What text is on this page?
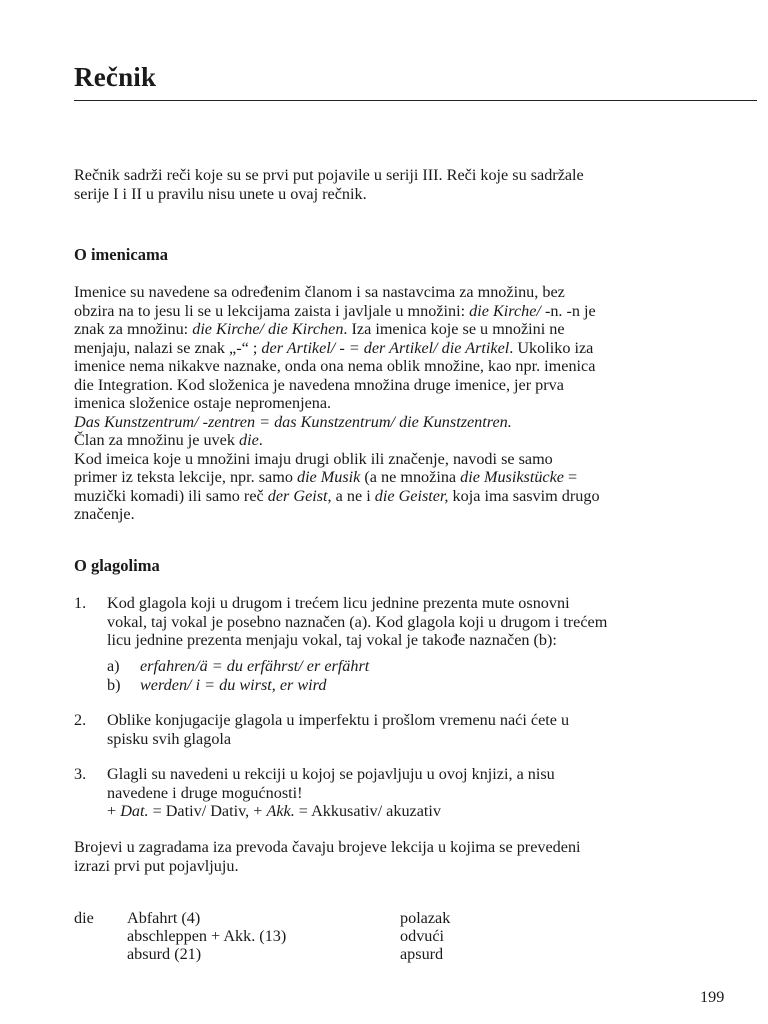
Rečnik

Rečnik sadrži reči koje su se prvi put pojavile u seriji III. Reči koje su sadržale
serije I i II u pravilu nisu unete u ovaj rečnik.

O imenicama

Imenice su navedene sa određenim članom i sa nastavcima za množinu, bez
obzira na to jesu li se u lekcijama zaista i javljale u množini: die Kirche/ -n. -n je
znak za množinu: die Kirche/ die Kirchen. Iza imenica koje se u množini ne
menjaju, nalazi se znak „-“ ; der Artikel/ - = der Artikel/ die Artikel. Ukoliko iza
imenice nema nikakve naznake, onda ona nema oblik množine, kao npr. imenica
die Integration. Kod složenica je navedena množina druge imenice, jer prva
imenica složenice ostaje nepromenjena.
Das Kunstzentrum/ -zentren = das Kunstzentrum/ die Kunstzentren.
Član za množinu je uvek die.
Kod imeica koje u množini imaju drugi oblik ili značenje, navodi se samo
primer iz teksta lekcije, npr. samo die Musik (a ne množina die Musikstücke =
muzički komadi) ili samo reč der Geist, a ne i die Geister, koja ima sasvim drugo
značenje.

O glagolima
1.	Kod glagola koji u drugom i trećem licu jednine prezenta mute osnovni
vokal, taj vokal je posebno naznačen (a). Kod glagola koji u drugom i trećem
licu jednine prezenta menjaju vokal, taj vokal je takođe naznačen (b):
a)	erfahren/ä = du erfährst/ er erfährt
b)	werden/ i = du wirst, er wird
2.	Oblike konjugacije glagola u imperfektu i prošlom vremenu naći ćete u
spisku svih glagola
3.	Glagli su navedeni u rekciji u kojoj se pojavljuju u ovoj knjizi, a nisu
navedene i druge mogućnosti!
+ Dat. = Dativ/ Dativ, + Akk. = Akkusativ/ akuzativ

Brojevi u zagradama iza prevoda čavaju brojeve lekcija u kojima se prevedeni
izrazi prvi put pojavljuju.

die Abfahrt (4)	polazak
abschleppen + Akk. (13)	odvući
absurd (21)	apsurd
199
